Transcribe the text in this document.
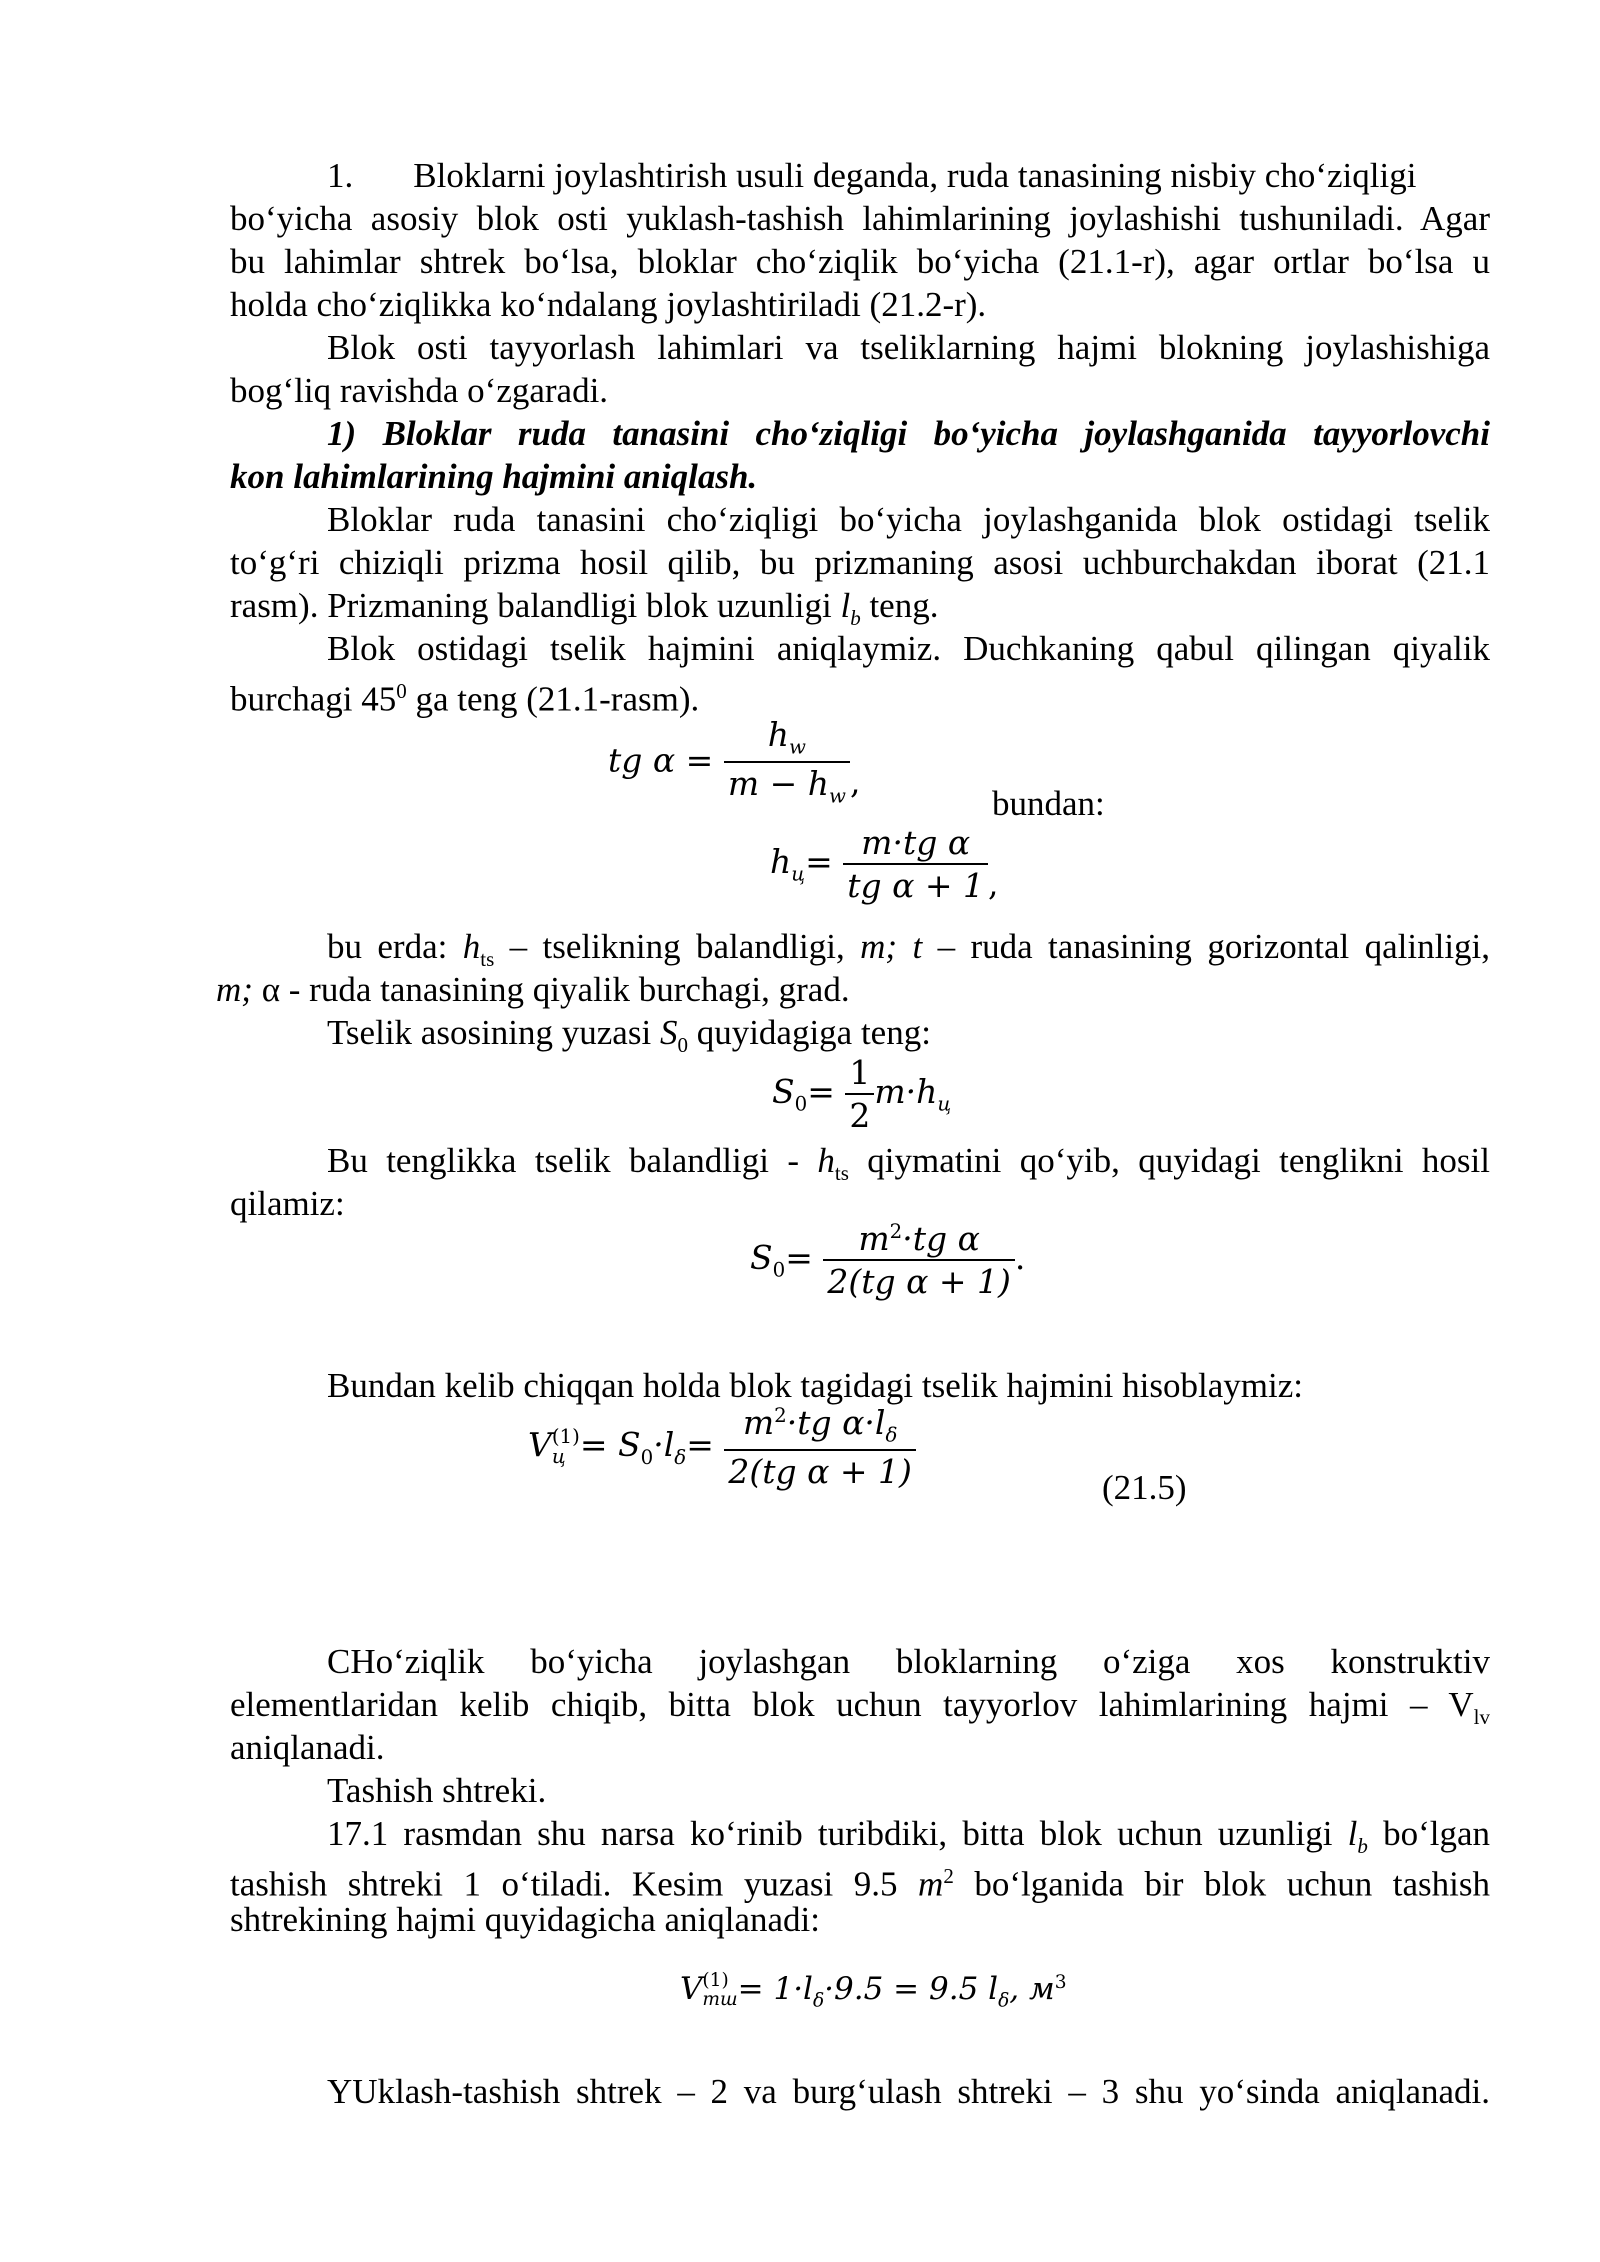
1. Bloklarni joylashtirish usuli deganda, ruda tanasining nisbiy cho‘ziqligi
bo‘yicha asosiy blok osti yuklash-tashish lahimlarining joylashishi tushuniladi. Agar
bu lahimlar shtrek bo‘lsa, bloklar cho‘ziqlik bo‘yicha (21.1-r), agar ortlar bo‘lsa u
holda cho‘ziqlikka ko‘ndalang joylashtiriladi (21.2-r).
Blok osti tayyorlash lahimlari va tseliklarning hajmi blokning joylashishiga
bog‘liq ravishda o‘zgaradi.
1) Bloklar ruda tanasini cho‘ziqligi bo‘yicha joylashganida tayyorlovchi
kon lahimlarining hajmini aniqlash.
Bloklar ruda tanasini cho‘ziqligi bo‘yicha joylashganida blok ostidagi tselik
to‘g‘ri chiziqli prizma hosil qilib, bu prizmaning asosi uchburchakdan iborat (21.1
rasm). Prizmaning balandligi blok uzunligi $l_b$ teng.
Blok ostidagi tselik hajmini aniqlaymiz. Duchkaning qabul qilingan qiyalik
burchagi $45^0$ ga teng (21.1-rasm).
tg $\alpha = \frac{h_w}{m - h_w}$ ,
bundan:
$h_ц= \frac{\text{m·tg α}}{\text{tg α + 1}}$ ,
bu erda: $h_{ts}$ – tselikning balandligi, m; t – ruda tanasining gorizontal qalinligi,
m; α - ruda tanasining qiyalik burchagi, grad.
Tselik asosining yuzasi $S_0$ quyidagiga teng:
$S_0= \frac{1}{2} m\cdot h_ц$
Bu tenglikka tselik balandligi - $h_{ts}$ qiymatini qo‘yib, quyidagi tenglikni hosil
qilamiz:
$S_0= \frac{m^2\cdot tg \alpha}{\text{2(tg α + 1)}}$ .
Bundan kelib chiqqan holda blok tagidagi tselik hajmini hisoblaymiz:
V (1)
$ц = S_0\cdot l_\delta= \frac{m^2\cdot tg \alpha\cdot l_\delta}{\text{2(tg α + 1)}}$	(21.5)
CHo‘ziqlik bo‘yicha joylashgan bloklarning o‘ziga xos konstruktiv
elementlaridan kelib chiqib, bitta blok uchun tayyorlov lahimlarining hajmi – $V_{lv}$
aniqlanadi.
Tashish shtreki.
17.1 rasmdan shu narsa ko‘rinib turibdiki, bitta blok uchun uzunligi $l_b$ bo‘lgan
tashish shtreki 1 o‘tiladi. Kesim yuzasi 9.5 $m^2$ bo‘lganida bir blok uchun tashish
shtrekining hajmi quyidagicha aniqlanadi:
V (1)
тш = $1\cdot l_\delta\cdot 9.5 = 9.5$ $l_\delta$, $м^3$
YUklash-tashish shtrek – 2 va burg‘ulash shtreki – 3 shu yo‘sinda aniqlanadi.
